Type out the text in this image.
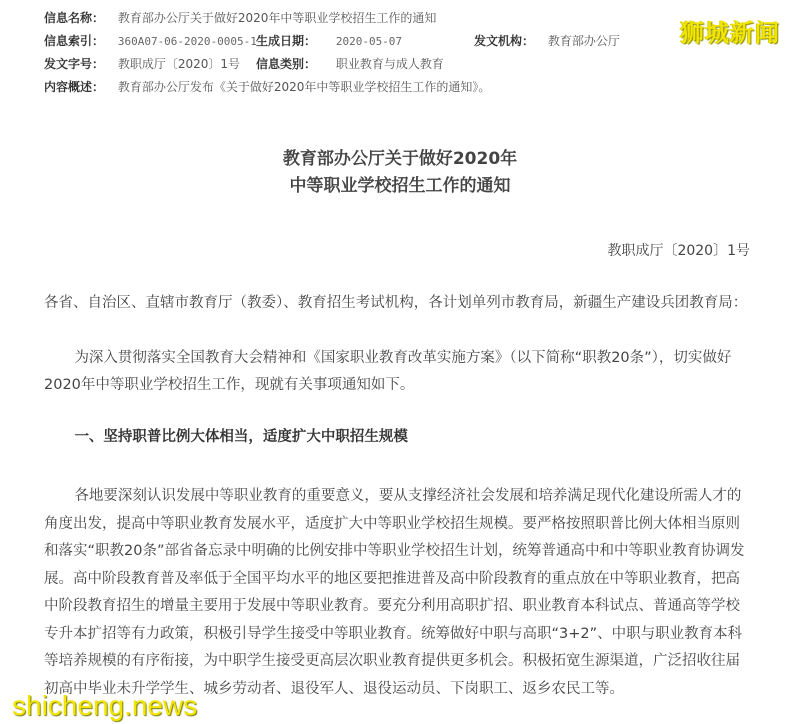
信息名称： 教育部办公厅关于做好2020年中等职业学校招生工作的通知
信息索引： 360A07-06-2020-0005-1 生成日期： 2020-05-07	发文机构： 教育部办公厅
发文字号： 教职成厅〔2020〕1号 信息类别： 职业教育与成人教育
内容概述： 教育部办公厅发布《关于做好2020年中等职业学校招生工作的通知》。
狮城新闻
教育部办公厅关于做好2020年
中等职业学校招生工作的通知
教职成厅〔2020〕1号
各省、自治区、直辖市教育厅（教委）、教育招生考试机构，各计划单列市教育局，新疆生产建设兵团教育局：
为深入贯彻落实全国教育大会精神和《国家职业教育改革实施方案》（以下简称“职教20条”），切实做好2020年中等职业学校招生工作，现就有关事项通知如下。
一、坚持职普比例大体相当，适度扩大中职招生规模
各地要深刻认识发展中等职业教育的重要意义，要从支撑经济社会发展和培养满足现代化建设所需人才的角度出发，提高中等职业教育发展水平，适度扩大中等职业学校招生规模。要严格按照职普比例大体相当原则和落实“职教20条”部省备忘录中明确的比例安排中等职业学校招生计划，统筹普通高中和中等职业教育协调发展。高中阶段教育普及率低于全国平均水平的地区要把推进普及高中阶段教育的重点放在中等职业教育，把高中阶段教育招生的增量主要用于发展中等职业教育。要充分利用高职扩招、职业教育本科试点、普通高等学校专升本扩招等有力政策，积极引导学生接受中等职业教育。统筹做好中职与高职“3+2”、中职与职业教育本科等培养规模的有序衔接，为中职学生接受更高层次职业教育提供更多机会。积极拓宽生源渠道，广泛招收往届初高中毕业未升学学生、城乡劳动者、退役军人、退役运动员、下岗职工、返乡农民工等。
shicheng.news
